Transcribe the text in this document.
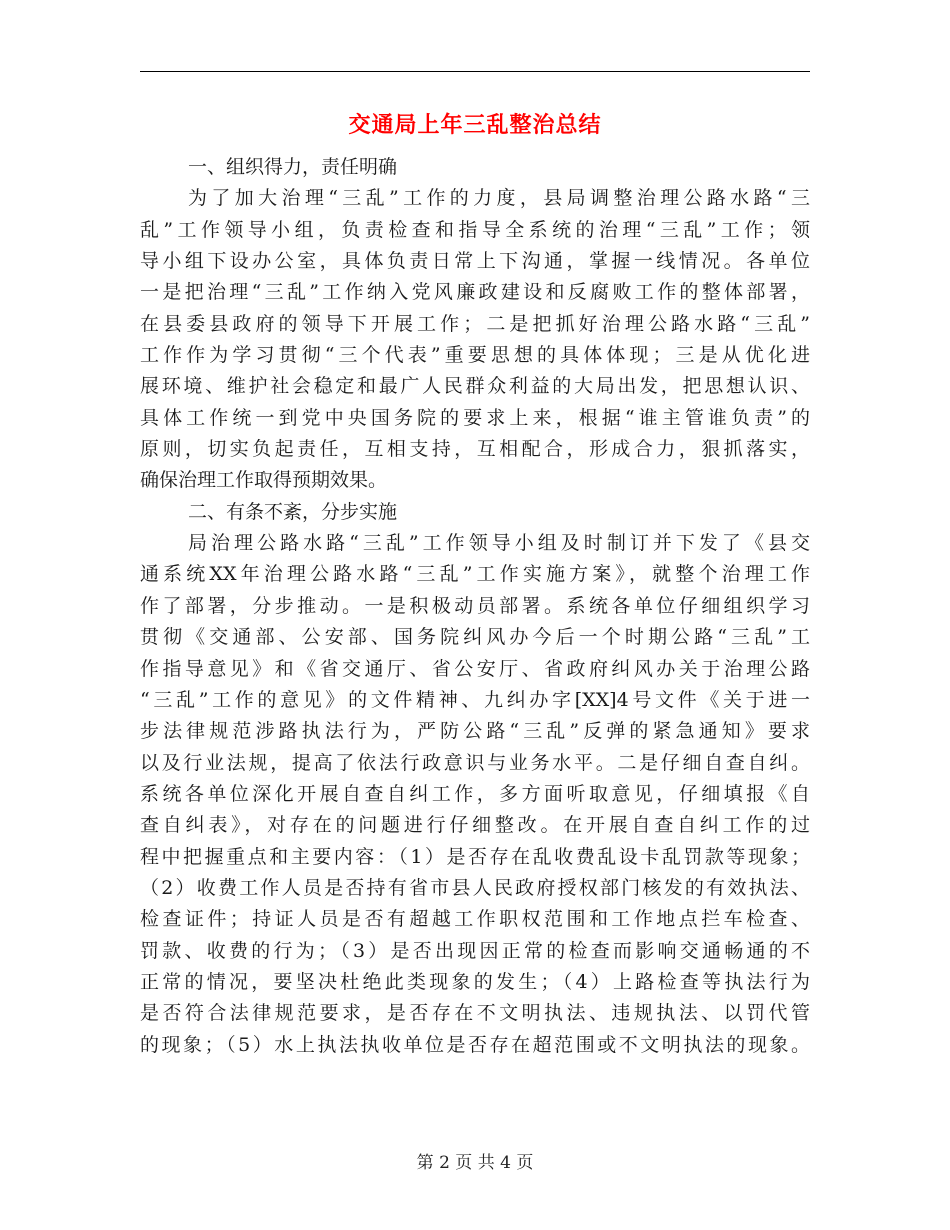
交通局上年三乱整治总结
一、组织得力，责任明确
为了加大治理“三乱”工作的力度，县局调整治理公路水路“三
乱”工作领导小组，负责检查和指导全系统的治理“三乱”工作；领
导小组下设办公室，具体负责日常上下沟通，掌握一线情况。各单位
一是把治理“三乱”工作纳入党风廉政建设和反腐败工作的整体部署，
在县委县政府的领导下开展工作；二是把抓好治理公路水路“三乱”
工作作为学习贯彻“三个代表”重要思想的具体体现；三是从优化进
展环境、维护社会稳定和最广人民群众利益的大局出发，把思想认识、
具体工作统一到党中央国务院的要求上来，根据“谁主管谁负责”的
原则，切实负起责任，互相支持，互相配合，形成合力，狠抓落实，
确保治理工作取得预期效果。
二、有条不紊，分步实施
局治理公路水路“三乱”工作领导小组及时制订并下发了《县交
通系统XX年治理公路水路“三乱”工作实施方案》，就整个治理工作
作了部署，分步推动。一是积极动员部署。系统各单位仔细组织学习
贯彻《交通部、公安部、国务院纠风办今后一个时期公路“三乱”工
作指导意见》和《省交通厅、省公安厅、省政府纠风办关于治理公路
“三乱”工作的意见》的文件精神、九纠办字[XX]4号文件《关于进一
步法律规范涉路执法行为，严防公路“三乱”反弹的紧急通知》要求
以及行业法规，提高了依法行政意识与业务水平。二是仔细自查自纠。
系统各单位深化开展自查自纠工作，多方面听取意见，仔细填报《自
查自纠表》，对存在的问题进行仔细整改。在开展自查自纠工作的过
程中把握重点和主要内容：（1）是否存在乱收费乱设卡乱罚款等现象；
（2）收费工作人员是否持有省市县人民政府授权部门核发的有效执法、
检查证件；持证人员是否有超越工作职权范围和工作地点拦车检查、
罚款、收费的行为；（3）是否出现因正常的检查而影响交通畅通的不
正常的情况，要坚决杜绝此类现象的发生；（4）上路检查等执法行为
是否符合法律规范要求，是否存在不文明执法、违规执法、以罚代管
的现象；（5）水上执法执收单位是否存在超范围或不文明执法的现象。
第 2 页 共 4 页
